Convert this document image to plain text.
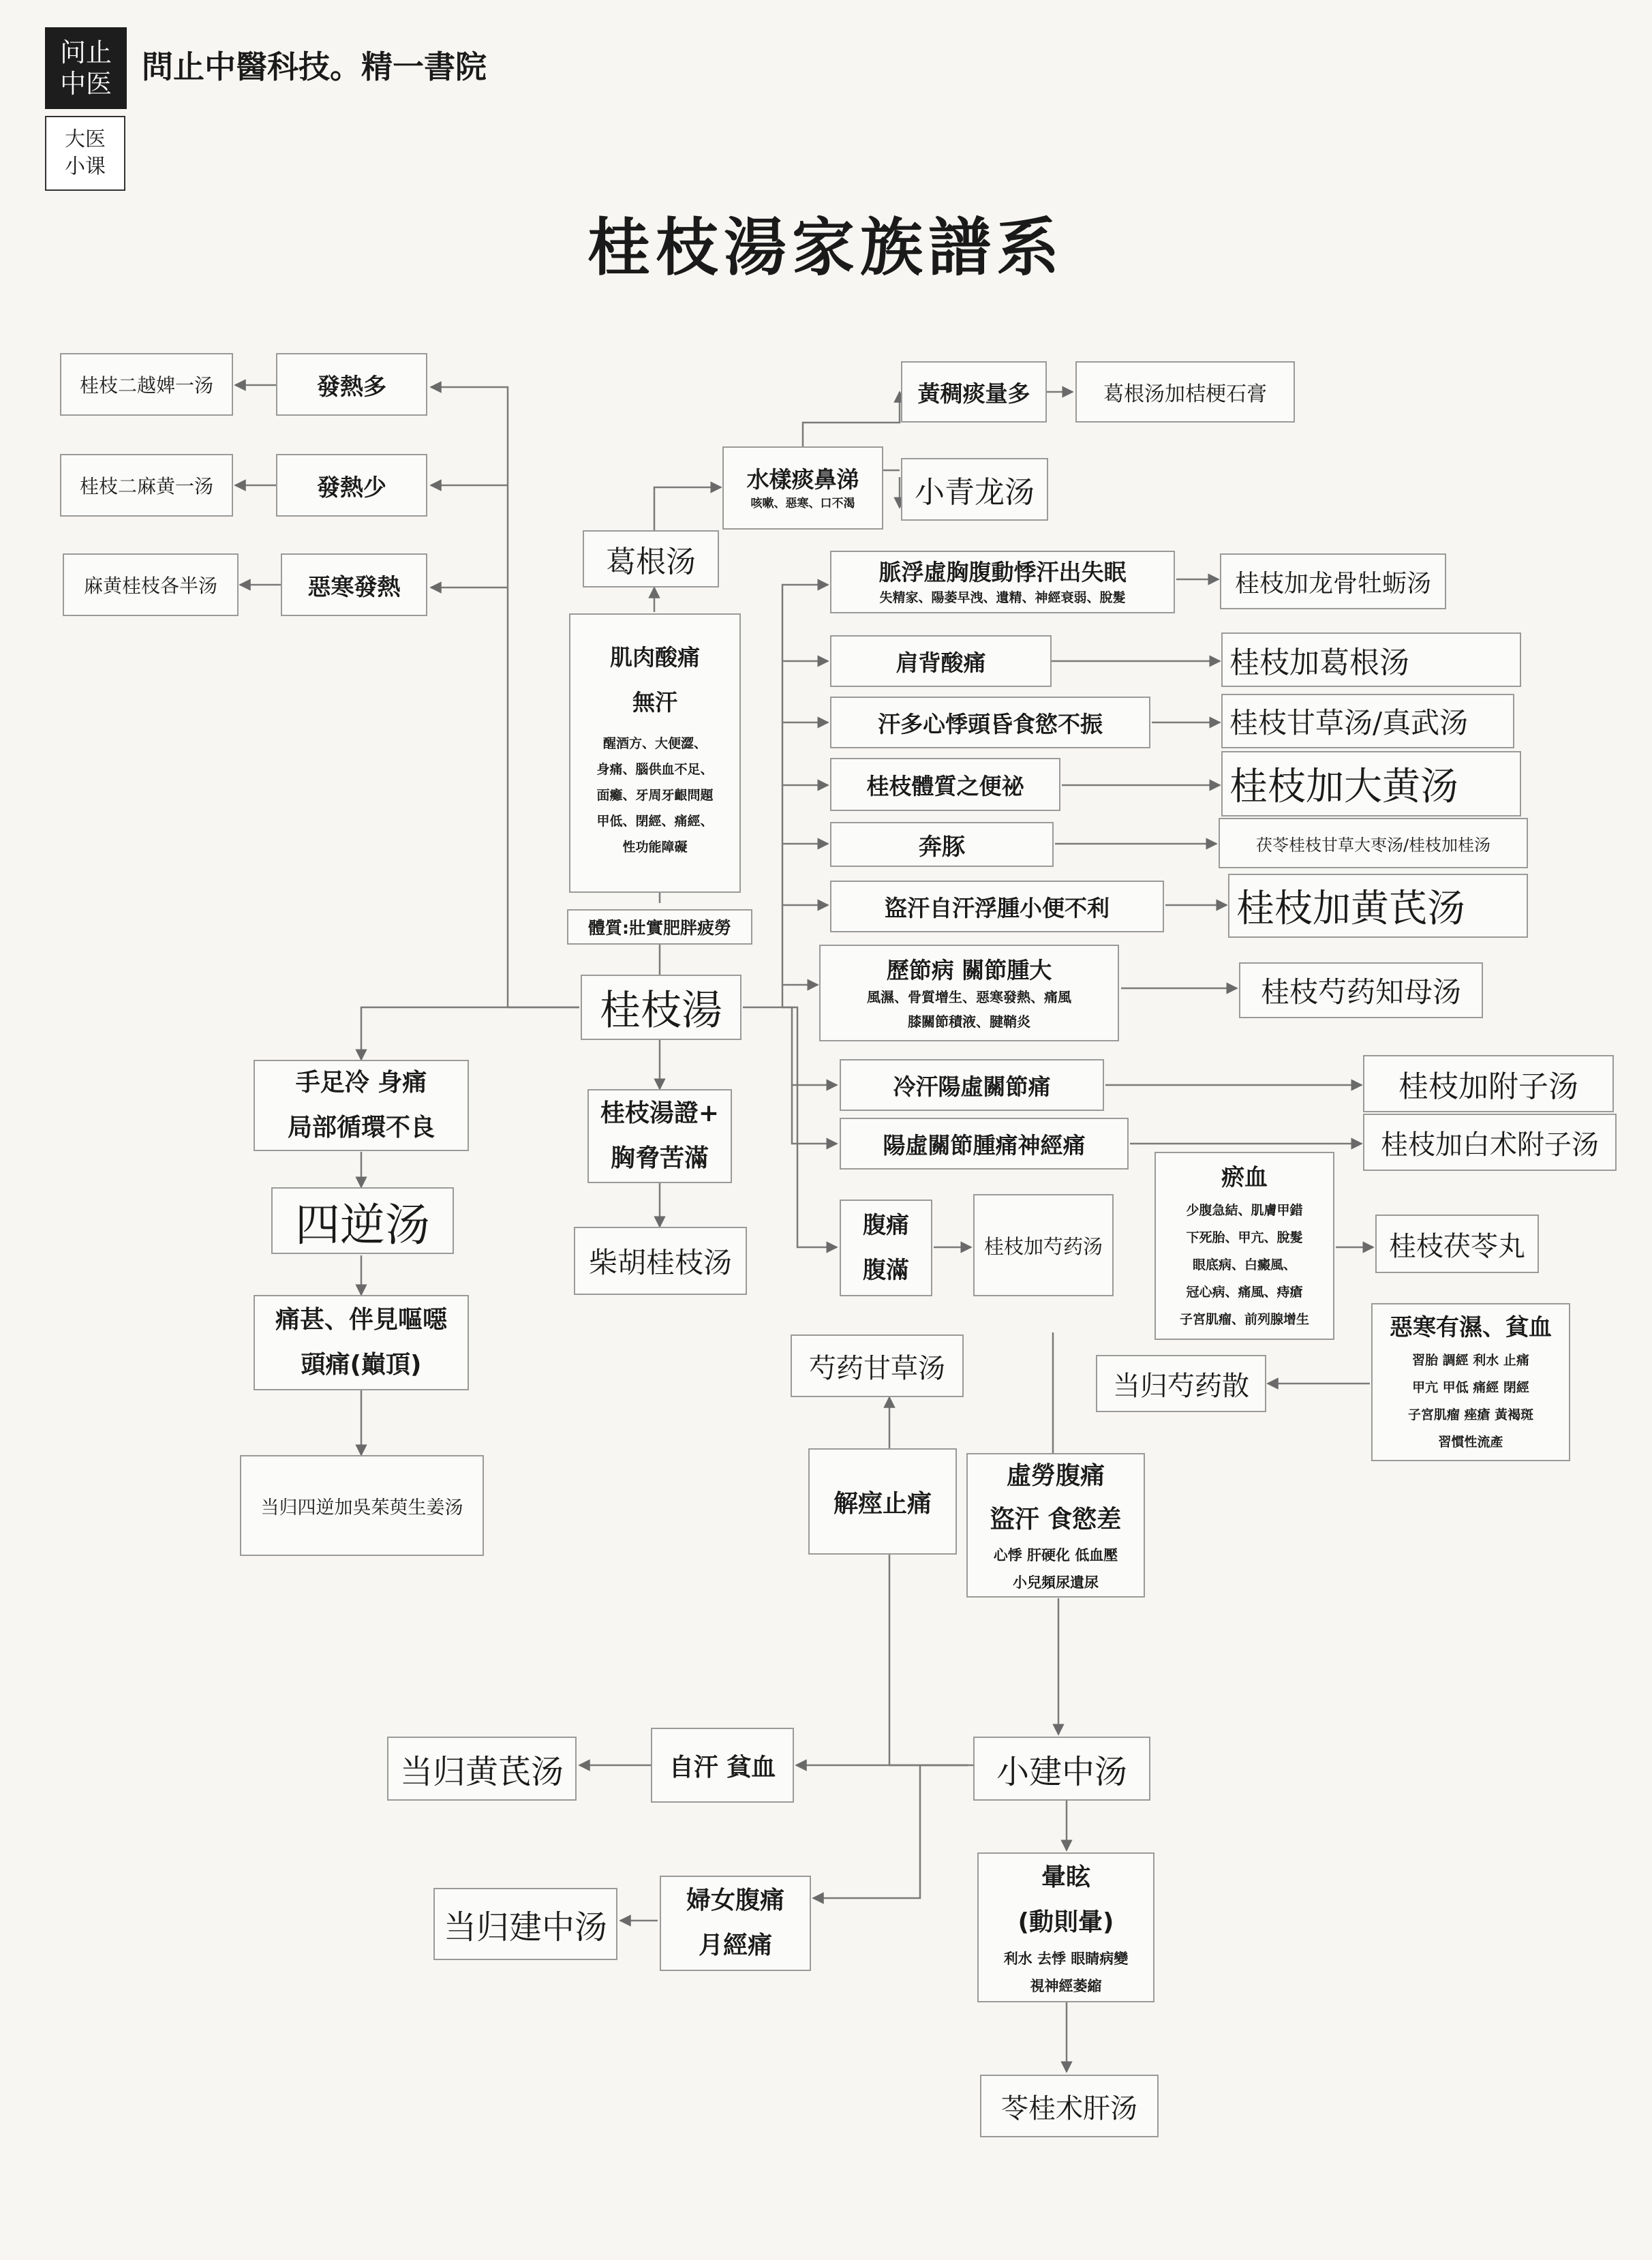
问止
中医
大医
小课
問止中醫科技。精一書院
桂枝湯家族譜系
桂枝湯
桂枝二越婢一汤	發熱多
桂枝二麻黄一汤	發熱少
麻黄桂枝各半汤	惡寒發熱
葛根汤
水樣痰鼻涕
咳嗽、惡寒、口不渴 小青龙汤
黃稠痰量多	葛根汤加桔梗石膏
肌肉酸痛
無汗
醒酒方、大便澀、
身痛、腦供血不足、
面癱、牙周牙齦問題
甲低、閉經、痛經、
性功能障礙
體質:壯實肥胖疲勞
脈浮虛胸腹動悸汗出失眠
失精家、陽萎早洩、遺精、神經衰弱、脫髮
桂枝加龙骨牡蛎汤
肩背酸痛	桂枝加葛根汤
汗多心悸頭昏食慾不振	桂枝甘草汤/真武汤
桂枝體質之便祕	桂枝加大黄汤
奔豚	茯苓桂枝甘草大枣汤/桂枝加桂汤
盜汗自汗浮腫小便不利	桂枝加黄芪汤
歷節病 關節腫大
風濕、骨質增生、惡寒發熱、痛風
膝關節積液、腱鞘炎
桂枝芍药知母汤
冷汗陽虛關節痛	桂枝加附子汤
陽虛關節腫痛神經痛	桂枝加白术附子汤
腹痛
腹滿
桂枝加芍药汤
瘀血
少腹急結、肌膚甲錯
下死胎、甲亢、脫髮
眼底病、白癜風、
冠心病、痛風、痔瘡
子宮肌瘤、前列腺增生
桂枝茯苓丸
惡寒有濕、貧血
習胎 調經 利水 止痛
甲亢 甲低 痛經 閉經
子宮肌瘤 痤瘡 黃褐斑
習慣性流產
当归芍药散
手足冷 身痛
局部循環不良
四逆汤
痛甚、伴見嘔噁
頭痛(巔頂)
当归四逆加吳茱萸生姜汤
桂枝湯證+
胸脅苦滿
柴胡桂枝汤
芍药甘草汤
解痙止痛
虛勞腹痛
盜汗 食慾差
心悸 肝硬化 低血壓
小兒頻尿遺尿
当归黄芪汤	自汗 貧血	小建中汤
当归建中汤
婦女腹痛
月經痛
暈眩
(動則暈)
利水 去悸 眼睛病變
視神經萎縮
苓桂术肝汤
